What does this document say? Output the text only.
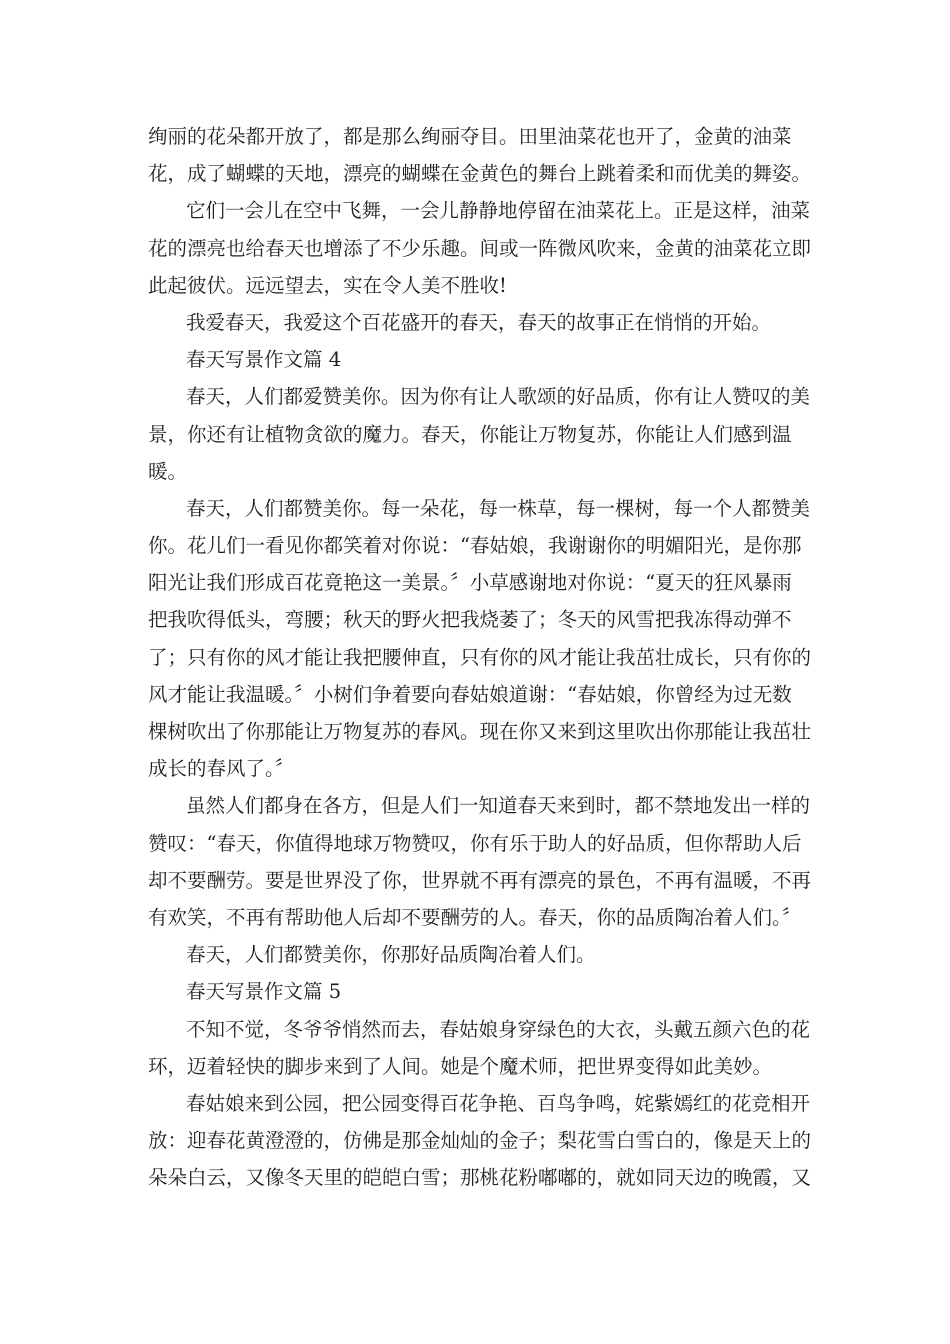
绚丽的花朵都开放了，都是那么绚丽夺目。田里油菜花也开了，金黄的油菜
花，成了蝴蝶的天地，漂亮的蝴蝶在金黄色的舞台上跳着柔和而优美的舞姿。
它们一会儿在空中飞舞，一会儿静静地停留在油菜花上。正是这样，油菜
花的漂亮也给春天也增添了不少乐趣。间或一阵微风吹来，金黄的油菜花立即
此起彼伏。远远望去，实在令人美不胜收!
我爱春天，我爱这个百花盛开的春天，春天的故事正在悄悄的开始。
春天写景作文篇 4
春天，人们都爱赞美你。因为你有让人歌颂的好品质，你有让人赞叹的美
景，你还有让植物贪欲的魔力。春天，你能让万物复苏，你能让人们感到温
暖。
春天，人们都赞美你。每一朵花，每一株草，每一棵树，每一个人都赞美
你。花儿们一看见你都笑着对你说：“春姑娘，我谢谢你的明媚阳光，是你那
阳光让我们形成百花竟艳这一美景。〞小草感谢地对你说：“夏天的狂风暴雨
把我吹得低头，弯腰；秋天的野火把我烧萎了；冬天的风雪把我冻得动弹不
了；只有你的风才能让我把腰伸直，只有你的风才能让我茁壮成长，只有你的
风才能让我温暖。〞小树们争着要向春姑娘道谢：“春姑娘，你曾经为过无数
棵树吹出了你那能让万物复苏的春风。现在你又来到这里吹出你那能让我茁壮
成长的春风了。〞
虽然人们都身在各方，但是人们一知道春天来到时，都不禁地发出一样的
赞叹：“春天，你值得地球万物赞叹，你有乐于助人的好品质，但你帮助人后
却不要酬劳。要是世界没了你，世界就不再有漂亮的景色，不再有温暖，不再
有欢笑，不再有帮助他人后却不要酬劳的人。春天，你的品质陶冶着人们。〞
春天，人们都赞美你，你那好品质陶冶着人们。
春天写景作文篇 5
不知不觉，冬爷爷悄然而去，春姑娘身穿绿色的大衣，头戴五颜六色的花
环，迈着轻快的脚步来到了人间。她是个魔术师，把世界变得如此美妙。
春姑娘来到公园，把公园变得百花争艳、百鸟争鸣，姹紫嫣红的花竞相开
放：迎春花黄澄澄的，仿佛是那金灿灿的金子；梨花雪白雪白的，像是天上的
朵朵白云，又像冬天里的皑皑白雪；那桃花粉嘟嘟的，就如同天边的晚霞，又
